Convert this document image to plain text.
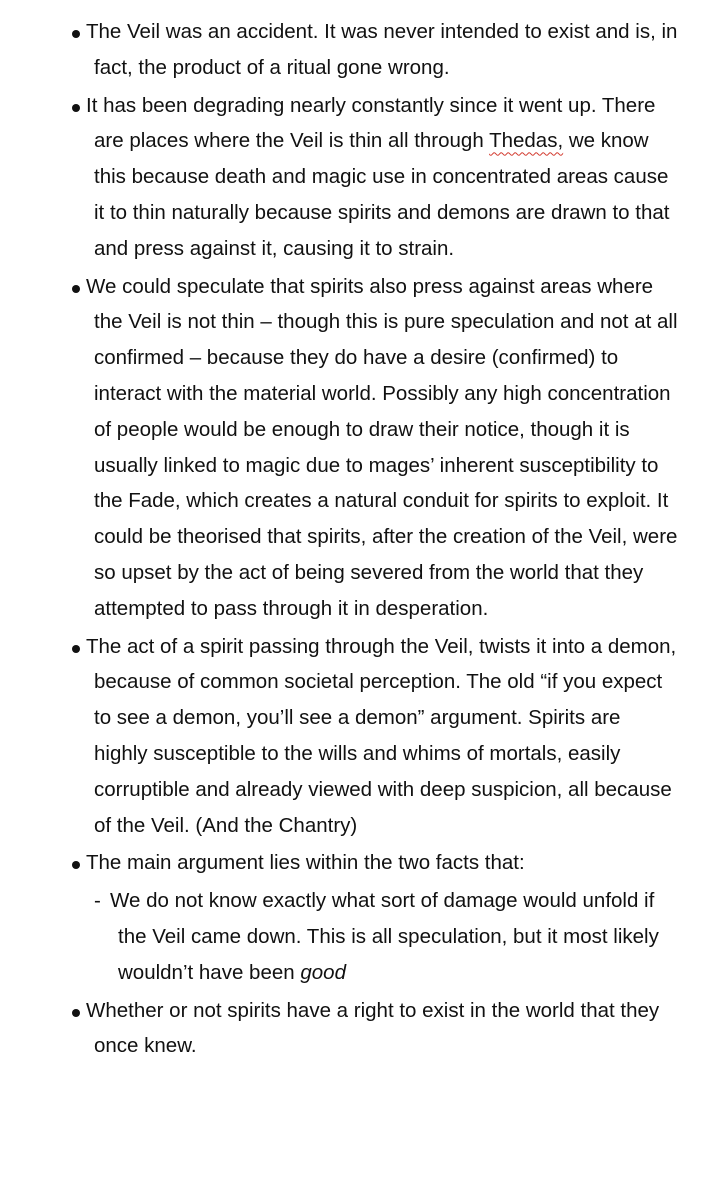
The Veil was an accident. It was never intended to exist and is, in fact, the product of a ritual gone wrong.

It has been degrading nearly constantly since it went up. There are places where the Veil is thin all through Thedas, we know this because death and magic use in concentrated areas cause it to thin naturally because spirits and demons are drawn to that and press against it, causing it to strain.

We could speculate that spirits also press against areas where the Veil is not thin – though this is pure speculation and not at all confirmed – because they do have a desire (confirmed) to interact with the material world. Possibly any high concentration of people would be enough to draw their notice, though it is usually linked to magic due to mages’ inherent susceptibility to the Fade, which creates a natural conduit for spirits to exploit. It could be theorised that spirits, after the creation of the Veil, were so upset by the act of being severed from the world that they attempted to pass through it in desperation.

The act of a spirit passing through the Veil, twists it into a demon, because of common societal perception. The old “if you expect to see a demon, you’ll see a demon” argument. Spirits are highly susceptible to the wills and whims of mortals, easily corruptible and already viewed with deep suspicion, all because of the Veil. (And the Chantry)

The main argument lies within the two facts that:

- We do not know exactly what sort of damage would unfold if the Veil came down. This is all speculation, but it most likely wouldn’t have been good

Whether or not spirits have a right to exist in the world that they once knew.
